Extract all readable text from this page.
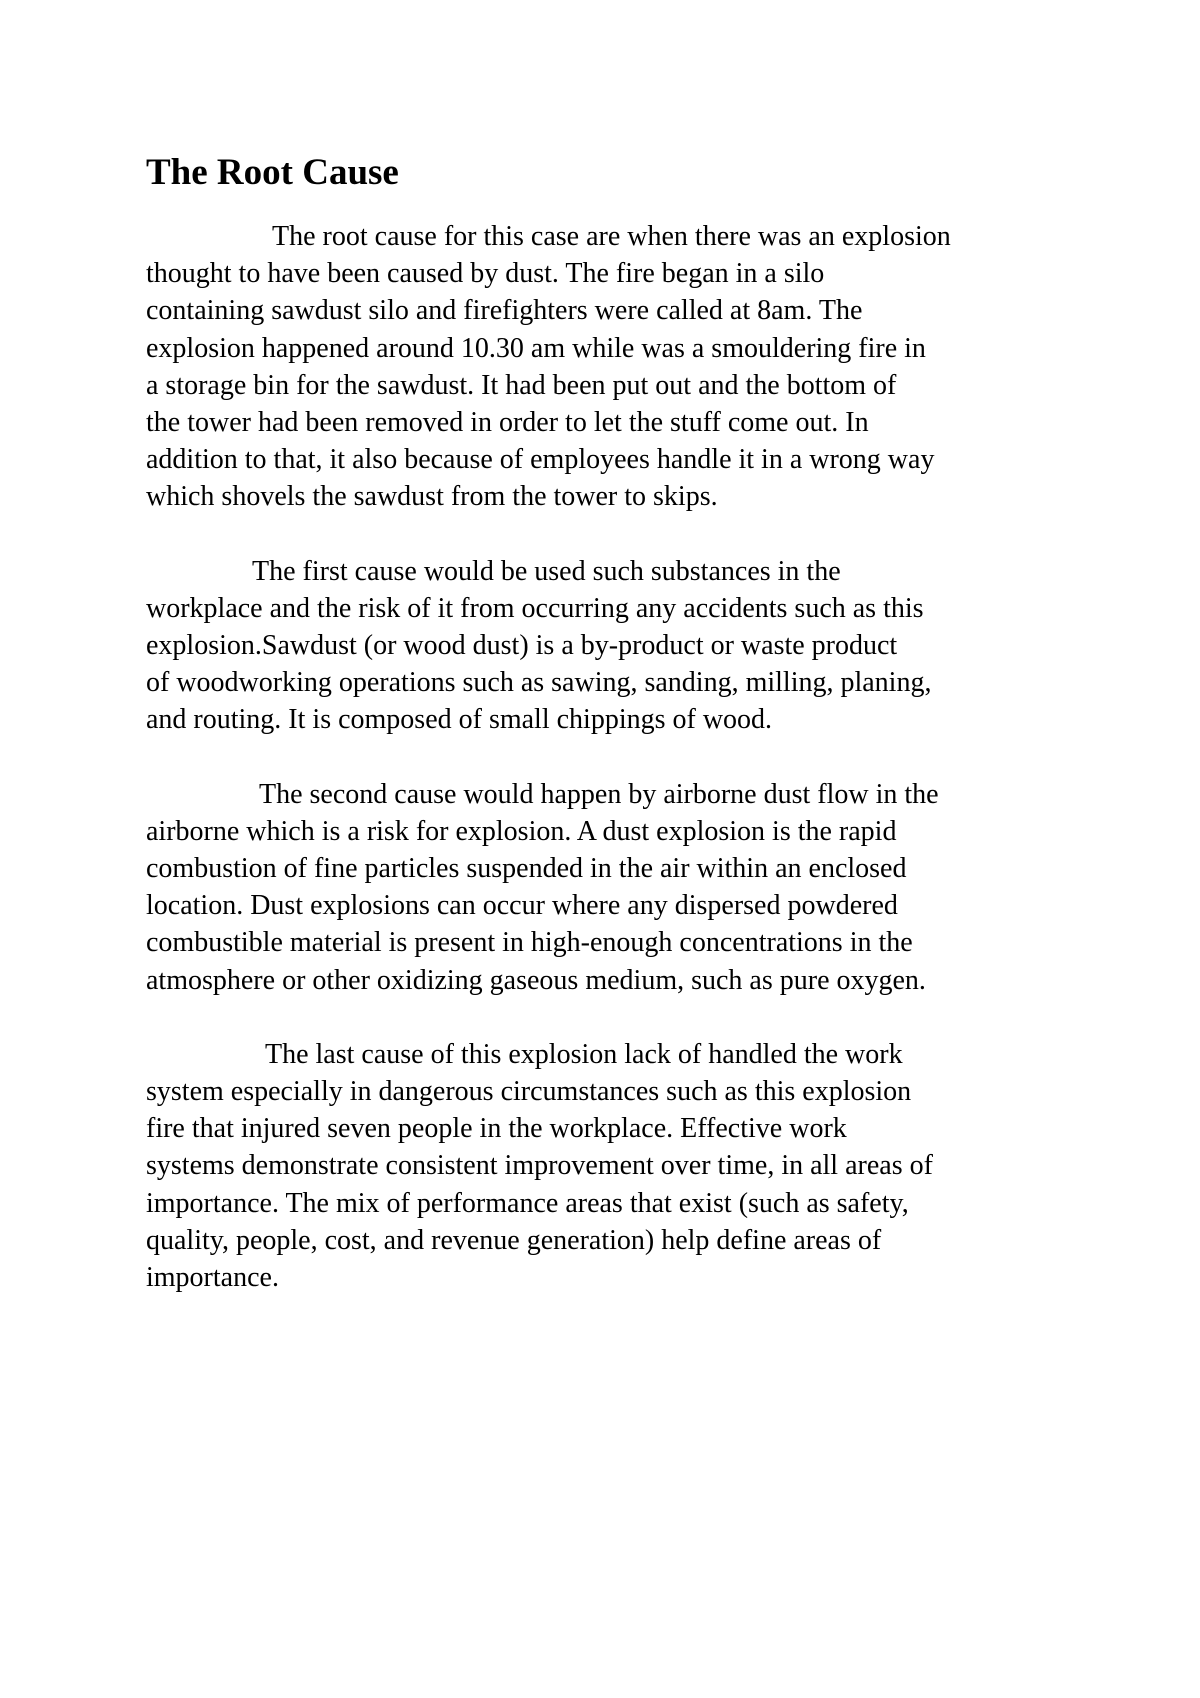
The Root Cause

The root cause for this case are when there was an explosion
thought to have been caused by dust. The fire began in a silo
containing sawdust silo and firefighters were called at 8am. The
explosion happened around 10.30 am while was a smouldering fire in
a storage bin for the sawdust. It had been put out and the bottom of
the tower had been removed in order to let the stuff come out. In
addition to that, it also because of employees handle it in a wrong way
which shovels the sawdust from the tower to skips.

The first cause would be used such substances in the
workplace and the risk of it from occurring any accidents such as this
explosion.Sawdust (or wood dust) is a by-product or waste product
of woodworking operations such as sawing, sanding, milling, planing,
and routing. It is composed of small chippings of wood.

The second cause would happen by airborne dust flow in the
airborne which is a risk for explosion. A dust explosion is the rapid
combustion of fine particles suspended in the air within an enclosed
location. Dust explosions can occur where any dispersed powdered
combustible material is present in high-enough concentrations in the
atmosphere or other oxidizing gaseous medium, such as pure oxygen.

The last cause of this explosion lack of handled the work
system especially in dangerous circumstances such as this explosion
fire that injured seven people in the workplace. Effective work
systems demonstrate consistent improvement over time, in all areas of
importance. The mix of performance areas that exist (such as safety,
quality, people, cost, and revenue generation) help define areas of
importance.
